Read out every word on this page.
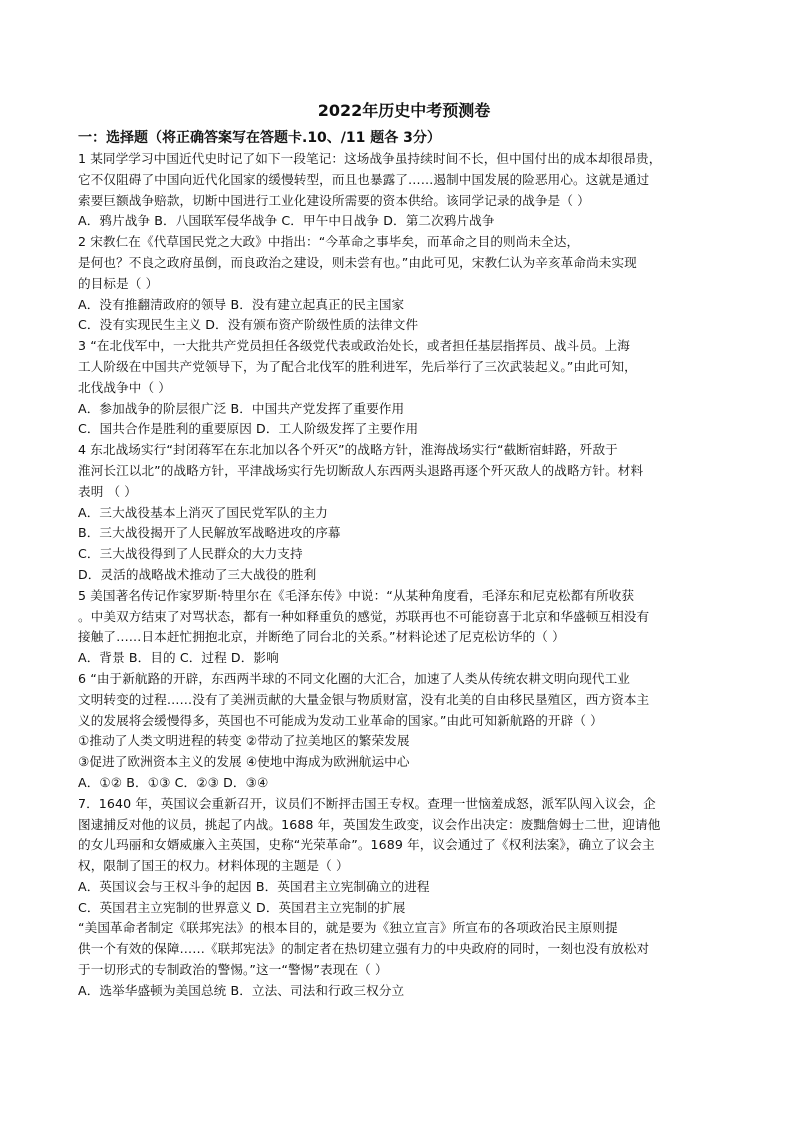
2022年历史中考预测卷
一：选择题（将正确答案写在答题卡.10、/11 题各 3分）
1 某同学学习中国近代史时记了如下一段笔记：这场战争虽持续时间不长，但中国付出的成本却很昂贵，
它不仅阻碍了中国向近代化国家的缓慢转型，而且也暴露了……遏制中国发展的险恶用心。这就是通过
索要巨额战争赔款，切断中国进行工业化建设所需要的资本供给。该同学记录的战争是（ ）
A．鸦片战争 B．八国联军侵华战争 C．甲午中日战争 D．第二次鸦片战争
2 宋教仁在《代草国民党之大政》中指出：“今革命之事毕矣，而革命之目的则尚未全达，
是何也？不良之政府虽倒，而良政治之建设，则未尝有也。”由此可见，宋教仁认为辛亥革命尚未实现
的目标是（ ）
A．没有推翻清政府的领导 B．没有建立起真正的民主国家
C．没有实现民生主义 D．没有颁布资产阶级性质的法律文件
3 “在北伐军中，一大批共产党员担任各级党代表或政治处长，或者担任基层指挥员、战斗员。上海
工人阶级在中国共产党领导下，为了配合北伐军的胜利进军，先后举行了三次武装起义。”由此可知，
北伐战争中（ ）
A．参加战争的阶层很广泛 B．中国共产党发挥了重要作用
C．国共合作是胜利的重要原因 D．工人阶级发挥了主要作用
4 东北战场实行“封闭蒋军在东北加以各个歼灭”的战略方针，淮海战场实行“截断宿蚌路，歼敌于
淮河长江以北”的战略方针，平津战场实行先切断敌人东西两头退路再逐个歼灭敌人的战略方针。材料
表明 （ ）
A．三大战役基本上消灭了国民党军队的主力
B．三大战役揭开了人民解放军战略进攻的序幕
C．三大战役得到了人民群众的大力支持
D．灵活的战略战术推动了三大战役的胜利
5 美国著名传记作家罗斯·特里尔在《毛泽东传》中说：“从某种角度看，毛泽东和尼克松都有所收获
。中美双方结束了对骂状态，都有一种如释重负的感觉，苏联再也不可能窃喜于北京和华盛顿互相没有
接触了……日本赶忙拥抱北京，并断绝了同台北的关系。”材料论述了尼克松访华的（ ）
A．背景 B．目的 C．过程 D．影响
6 “由于新航路的开辟，东西两半球的不同文化圈的大汇合，加速了人类从传统农耕文明向现代工业
文明转变的过程……没有了美洲贡献的大量金银与物质财富，没有北美的自由移民垦殖区，西方资本主
义的发展将会缓慢得多，英国也不可能成为发动工业革命的国家。”由此可知新航路的开辟（ ）
①推动了人类文明进程的转变 ②带动了拉美地区的繁荣发展
③促进了欧洲资本主义的发展 ④使地中海成为欧洲航运中心
A．①② B．①③ C．②③ D．③④
7．1640 年，英国议会重新召开，议员们不断抨击国王专权。查理一世恼羞成怒，派军队闯入议会，企
图逮捕反对他的议员，挑起了内战。1688 年，英国发生政变，议会作出决定：废黜詹姆士二世，迎请他
的女儿玛丽和女婿威廉入主英国，史称“光荣革命”。1689 年，议会通过了《权利法案》，确立了议会主
权，限制了国王的权力。材料体现的主题是（ ）
A．英国议会与王权斗争的起因 B．英国君主立宪制确立的进程
C．英国君主立宪制的世界意义 D．英国君主立宪制的扩展
“美国革命者制定《联邦宪法》的根本目的，就是要为《独立宣言》所宣布的各项政治民主原则提
供一个有效的保障……《联邦宪法》的制定者在热切建立强有力的中央政府的同时，一刻也没有放松对
于一切形式的专制政治的警惕。”这一“警惕”表现在（ ）
A．选举华盛顿为美国总统 B．立法、司法和行政三权分立
